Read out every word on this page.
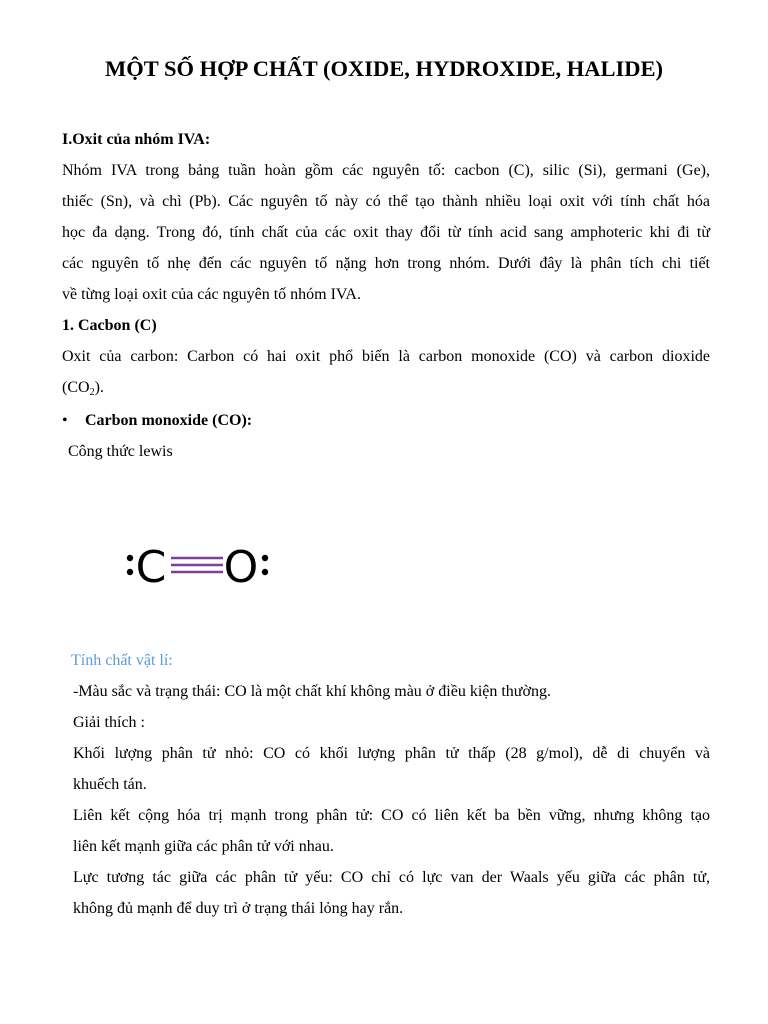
MỘT SỐ HỢP CHẤT (OXIDE, HYDROXIDE, HALIDE)
I.Oxit của nhóm IVA:
Nhóm IVA trong bảng tuần hoàn gồm các nguyên tố: cacbon (C), silic (Si), germani (Ge),
thiếc (Sn), và chì (Pb). Các nguyên tố này có thể tạo thành nhiều loại oxit với tính chất hóa
học đa dạng. Trong đó, tính chất của các oxit thay đổi từ tính acid sang amphoteric khi đi từ
các nguyên tố nhẹ đến các nguyên tố nặng hơn trong nhóm. Dưới đây là phân tích chi tiết
về từng loại oxit của các nguyên tố nhóm IVA.
1. Cacbon (C)
Oxit của carbon: Carbon có hai oxit phổ biến là carbon monoxide (CO) và carbon dioxide
$(CO_2)$.
• Carbon monoxide (CO):
Công thức lewis
C O
Tính chất vật lí:
-Màu sắc và trạng thái: CO là một chất khí không màu ở điều kiện thường.
Giải thích :
Khối lượng phân tử nhỏ: CO có khối lượng phân tử thấp (28 g/mol), dễ di chuyển và
khuếch tán.
Liên kết cộng hóa trị mạnh trong phân tử: CO có liên kết ba bền vững, nhưng không tạo
liên kết mạnh giữa các phân tử với nhau.
Lực tương tác giữa các phân tử yếu: CO chỉ có lực van der Waals yếu giữa các phân tử,
không đủ mạnh để duy trì ở trạng thái lỏng hay rắn.
